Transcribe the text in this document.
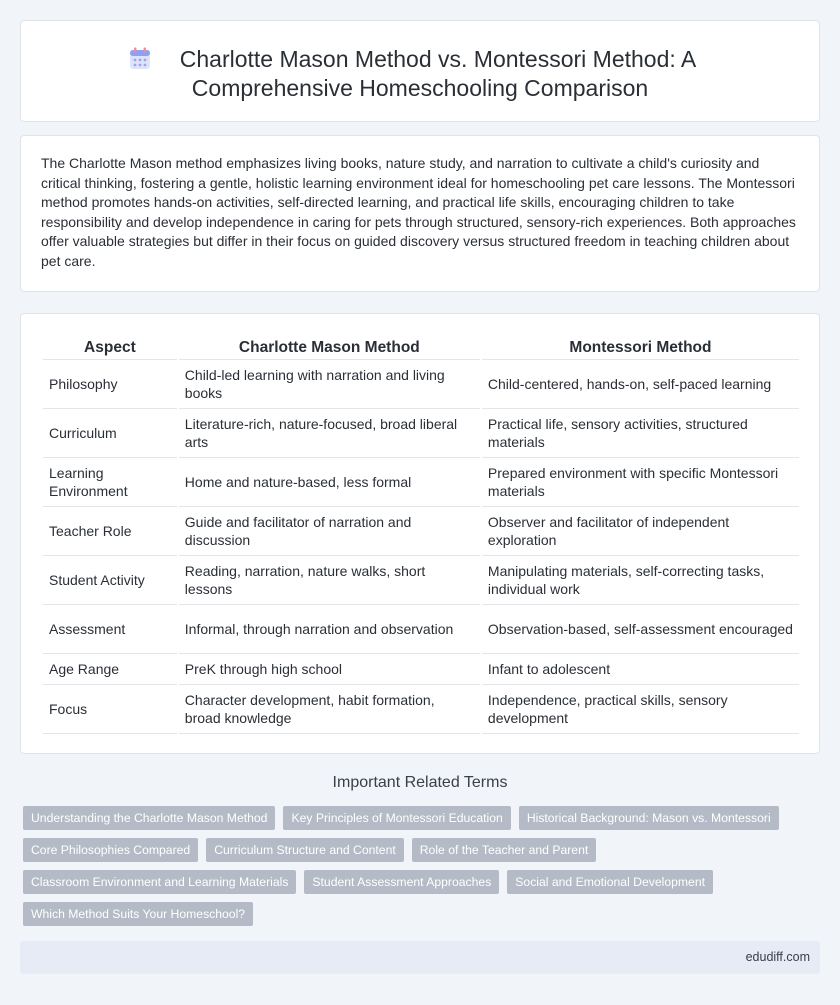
Charlotte Mason Method vs. Montessori Method: A
Comprehensive Homeschooling Comparison

The Charlotte Mason method emphasizes living books, nature study, and narration to cultivate a child's curiosity and critical thinking, fostering a gentle, holistic learning environment ideal for homeschooling pet care lessons. The Montessori method promotes hands-on activities, self-directed learning, and practical life skills, encouraging children to take responsibility and develop independence in caring for pets through structured, sensory-rich experiences. Both approaches offer valuable strategies but differ in their focus on guided discovery versus structured freedom in teaching children about pet care.

Aspect	Charlotte Mason Method	Montessori Method
Philosophy	Child-led learning with narration and living books	Child-centered, hands-on, self-paced learning
Curriculum	Literature-rich, nature-focused, broad liberal arts	Practical life, sensory activities, structured materials
Learning Environment	Home and nature-based, less formal	Prepared environment with specific Montessori materials
Teacher Role	Guide and facilitator of narration and discussion	Observer and facilitator of independent exploration
Student Activity	Reading, narration, nature walks, short lessons	Manipulating materials, self-correcting tasks, individual work
Assessment	Informal, through narration and observation	Observation-based, self-assessment encouraged
Age Range	PreK through high school	Infant to adolescent
Focus	Character development, habit formation, broad knowledge	Independence, practical skills, sensory development
Important Related Terms
Understanding the Charlotte Mason Method	Key Principles of Montessori Education	Historical Background: Mason vs. Montessori
Core Philosophies Compared	Curriculum Structure and Content	Role of the Teacher and Parent
Classroom Environment and Learning Materials	Student Assessment Approaches	Social and Emotional Development
Which Method Suits Your Homeschool?
edudiff.com
